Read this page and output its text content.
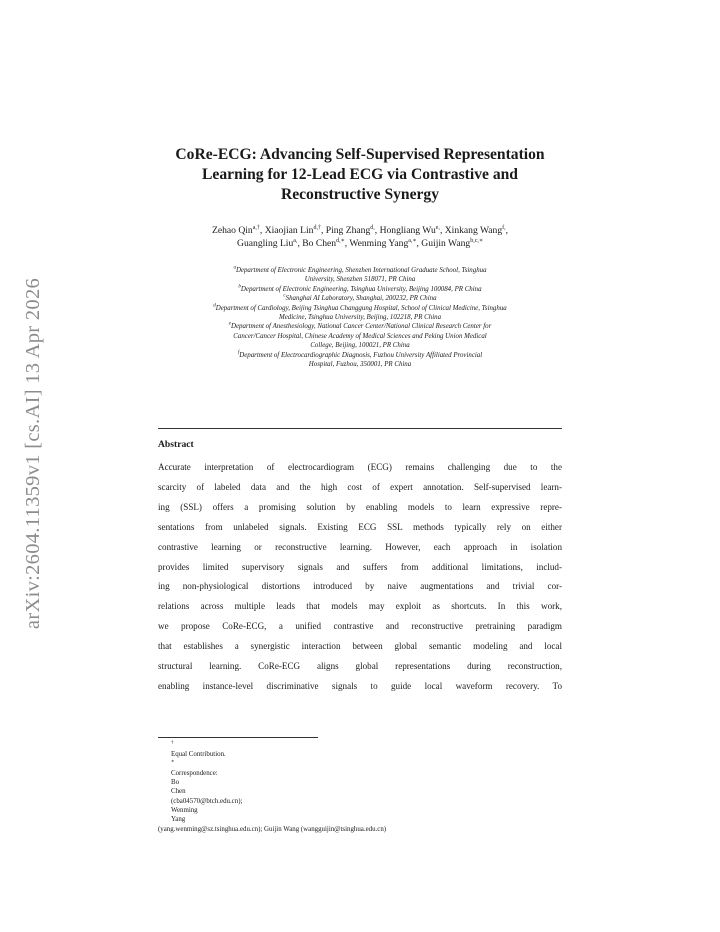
arXiv:2604.11359v1 [cs.AI] 13 Apr 2026
CoRe-ECG: Advancing Self-Supervised Representation
Learning for 12-Lead ECG via Contrastive and
Reconstructive Synergy
Zehao Qin$^{a,\dagger}$, Xiaojian Lin$^{d,\dagger}$, Ping Zhang$^{d,}$, Hongliang $Wu^{e,}$, Xinkang Wang$^{f,}$,
Guangling Liu$^{a,}$, Bo Chen$^{d,∗}$, Wenming Yang$^{a,∗}$, Guijin Wang$^{b,c,∗}$
$^a$Department of Electronic Engineering, Shenzhen International Graduate School, Tsinghua
University, Shenzhen 518071, PR China
$^b$Department of Electronic Engineering, Tsinghua University, Beijing 100084, PR China
$^c$Shanghai AI Laboratory, Shanghai, 200232, PR China
$^d$Department of Cardiology, Beijing Tsinghua Changgung Hospital, School of Clinical Medicine, Tsinghua
Medicine, Tsinghua University, Beijing, 102218, PR China
$^e$Department of Anesthesiology, National Cancer Center/National Clinical Research Center for
Cancer/Cancer Hospital, Chinese Academy of Medical Sciences and Peking Union Medical
College, Beijing, 100021, PR China
$^f$Department of Electrocardiographic Diagnosis, Fuzhou University Affiliated Provincial
Hospital, Fuzhou, 350001, PR China
Abstract

Accurate interpretation of electrocardiogram (ECG) remains challenging due to the
scarcity of labeled data and the high cost of expert annotation. Self-supervised learn-
ing (SSL) offers a promising solution by enabling models to learn expressive repre-
sentations from unlabeled signals. Existing ECG SSL methods typically rely on either
contrastive learning or reconstructive learning. However, each approach in isolation
provides limited supervisory signals and suffers from additional limitations, includ-
ing non-physiological distortions introduced by naive augmentations and trivial cor-
relations across multiple leads that models may exploit as shortcuts. In this work,
we propose CoRe-ECG, a unified contrastive and reconstructive pretraining paradigm
that establishes a synergistic interaction between global semantic modeling and local
structural learning. CoRe-ECG aligns global representations during reconstruction,
enabling instance-level discriminative signals to guide local waveform recovery. To

†
Equal Contribution.
∗
Correspondence:
Bo
Chen
(cba04570@btch.edu.cn);
Wenming
Yang
(yang.wenming@sz.tsinghua.edu.cn); Guijin Wang (wangguijin@tsinghua.edu.cn)
